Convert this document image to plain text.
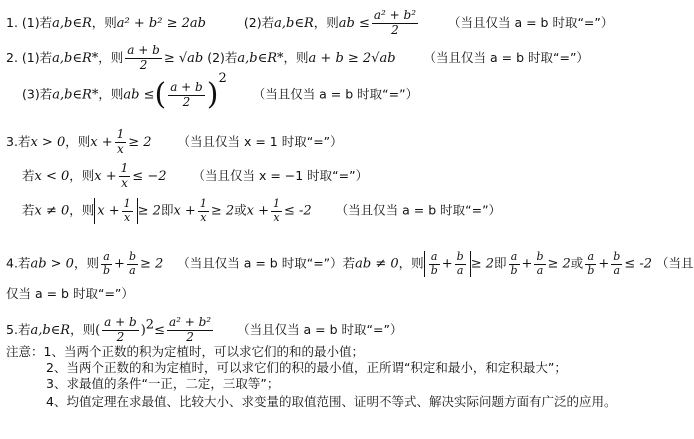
1. (1)若a,b∈R，则a² + b² ≥ 2ab	(2)若a,b∈R，则ab ≤ $\frac{\text{a² + b²}}{2}$ （当且仅当 a = b 时取“=”）
2. (1)若a,b∈R*，则 $\frac{a + b}{2} \ge √ab$ (2)若a,b∈R*，则a + b ≥ 2√ab （当且仅当 a = b 时取“=”）
(3)若a,b∈R*，则ab ≤( $\frac{a + b}{2} )^2$  （当且仅当 a = b 时取“=”）
3.若x > 0，则$x + \frac{1}{x} \ge 2$ （当且仅当 x = 1 时取“=”）
若x < 0，则$x + \frac{1}{x} \le -2$ （当且仅当 x = −1 时取“=”）
若x ≠ 0，则 $x + \frac{1}{x} \ge 2$即$x + \frac{1}{x} \ge 2$或$x + \frac{1}{x} \le -2$ （当且仅当 a = b 时取“=”）
4.若ab > 0，则 $\frac{a}{b} + \frac{b}{a} \ge 2$ （当且仅当 a = b 时取“=”）若ab ≠ 0，则 $\frac{a}{b} + \frac{b}{a} \ge 2$即 $\frac{a}{b} + \frac{b}{a} \ge 2$或 $\frac{a}{b} + \frac{b}{a} \le -2$ （当且
仅当 a = b 时取“=”）
5.若a,b∈R，则( $\frac{a + b}{2} )^2\le \frac{\text{a² + b²}}{2}$ （当且仅当 a = b 时取“=”）
注意：1、当两个正数的积为定植时，可以求它们的和的最小值；
2、当两个正数的和为定植时，可以求它们的积的最小值，正所谓“积定和最小，和定积最大”；
3、求最值的条件“一正，二定，三取等”；
4、均值定理在求最值、比较大小、求变量的取值范围、证明不等式、解决实际问题方面有广泛的应用。
